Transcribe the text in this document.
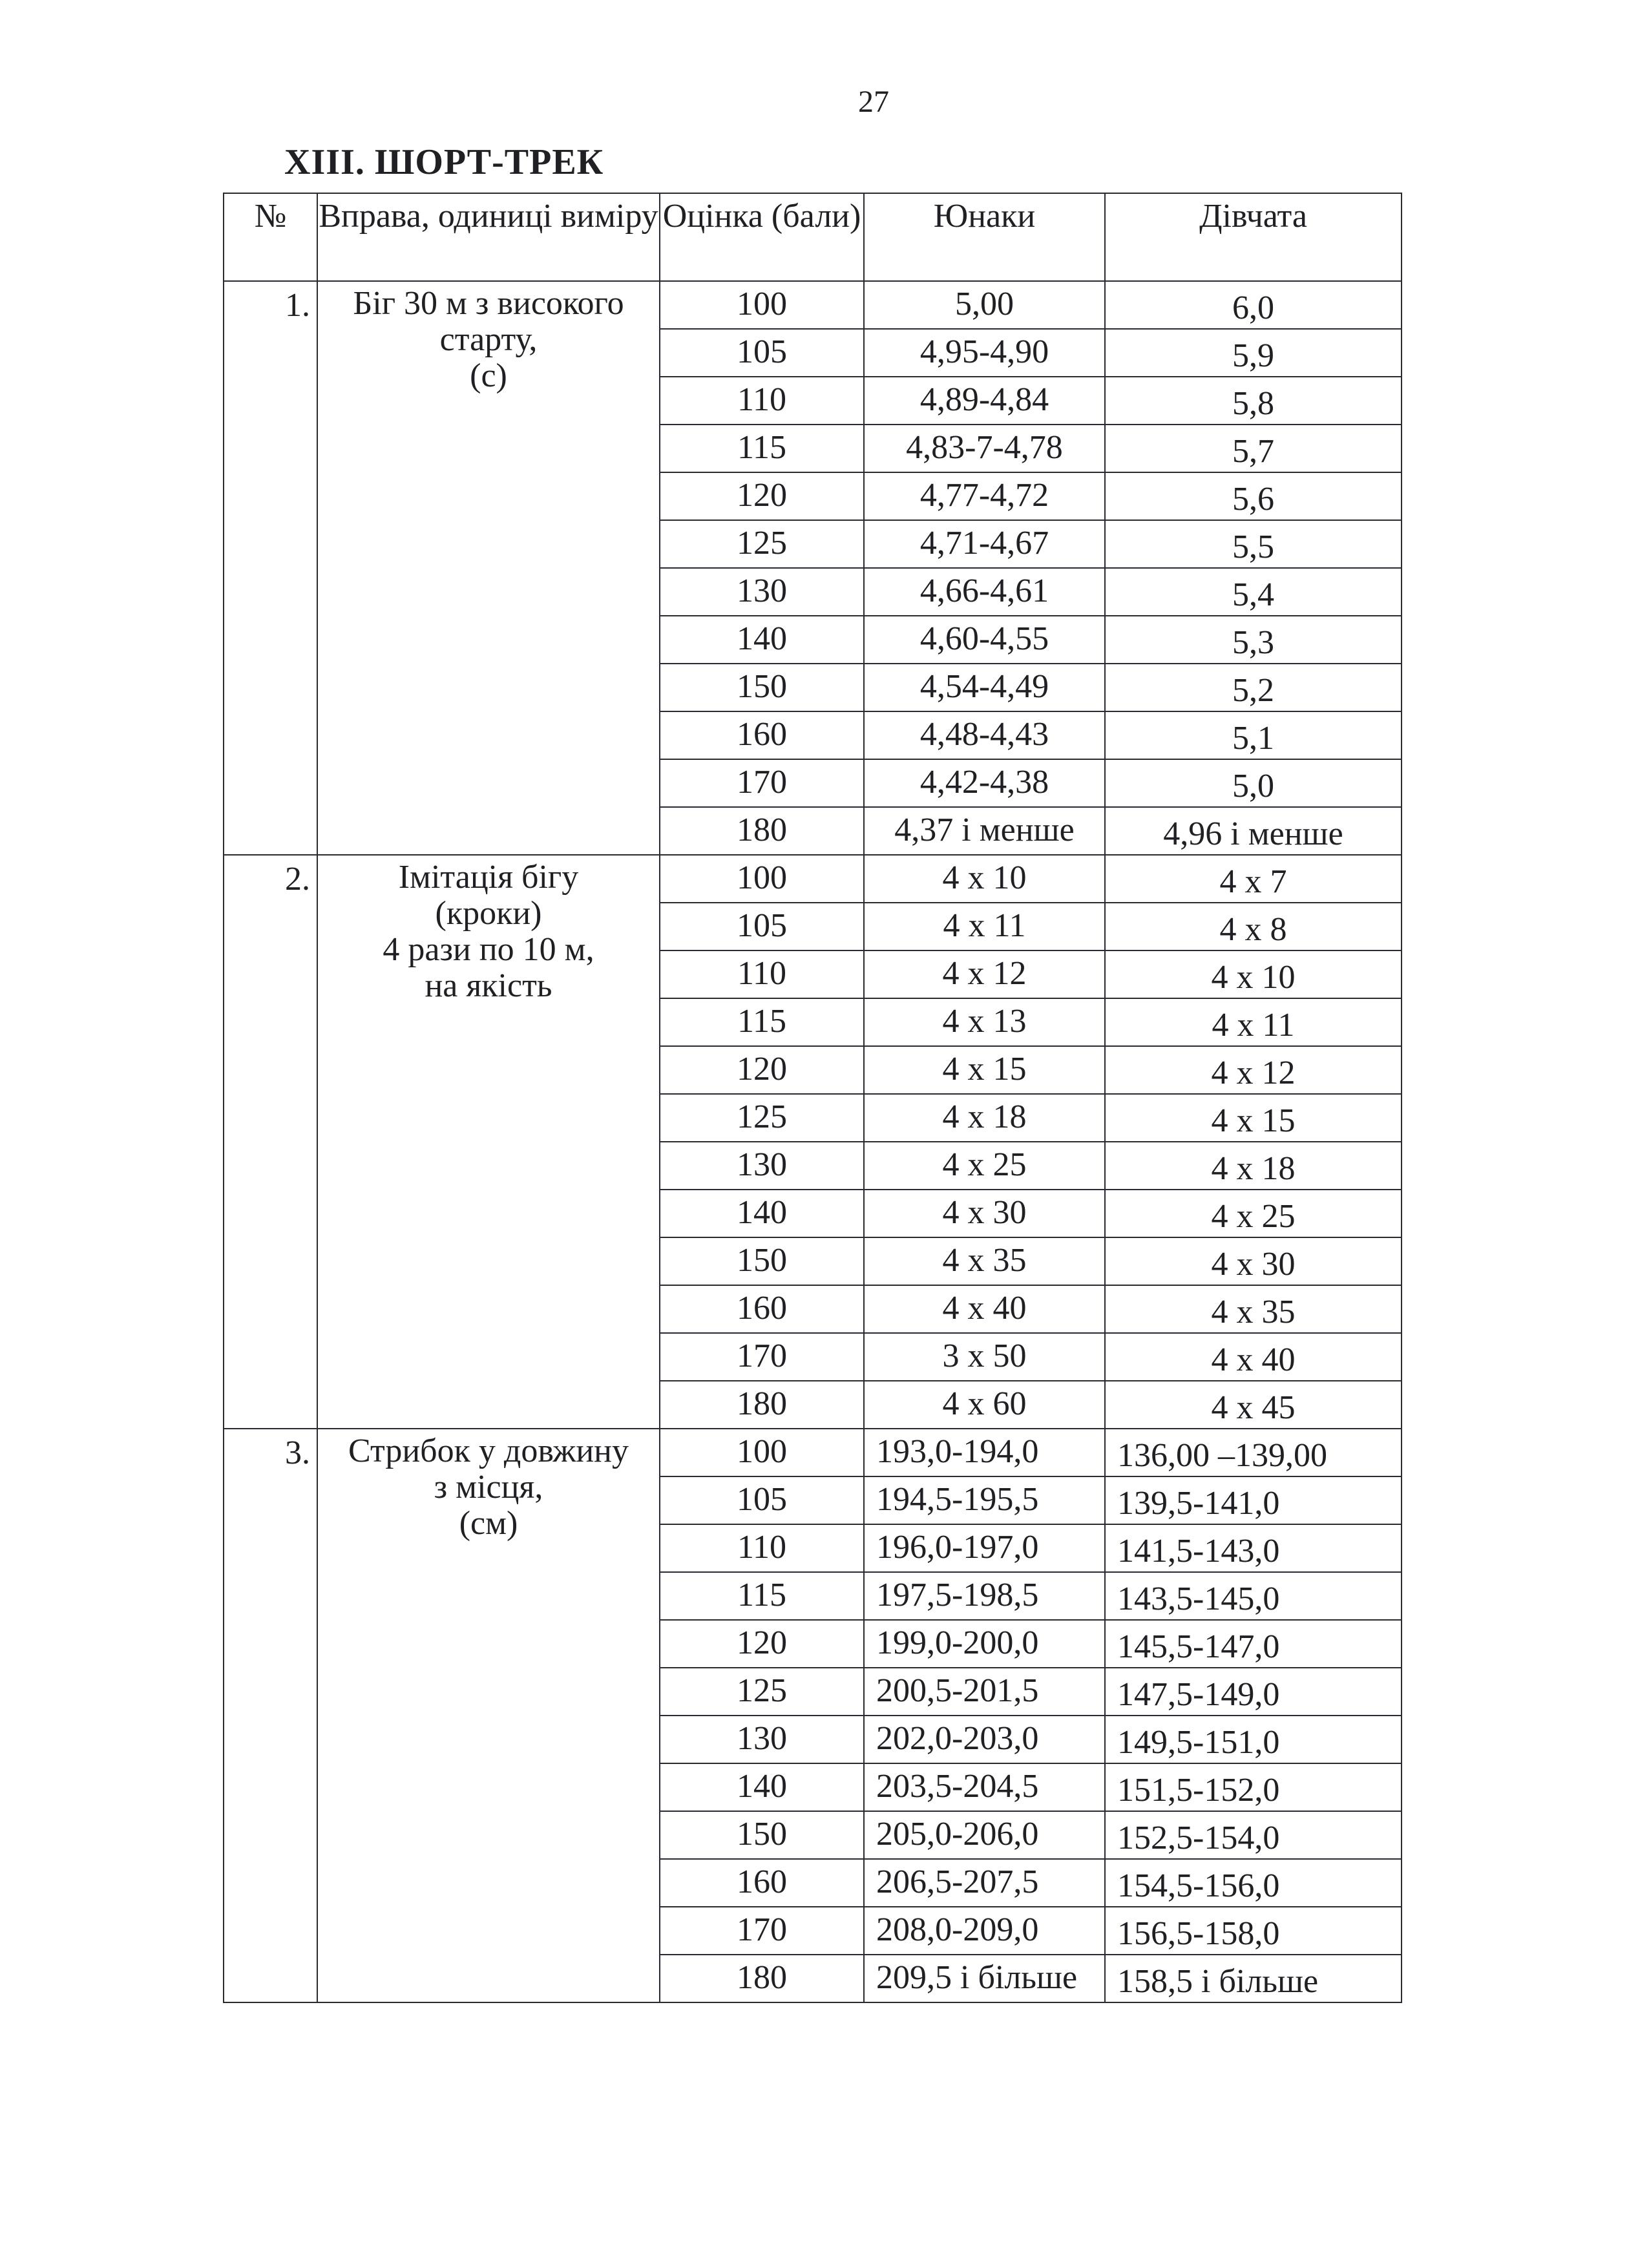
27
XIII. ШОРТ-ТРЕК
№	Вправа, одиниці виміру	Оцінка (бали)	Юнаки	Дівчата
1.	Біг 30 м з високого
старту,
(с)	100	5,00	6,0
		105	4,95-4,90	5,9
		110	4,89-4,84	5,8
		115	4,83-7-4,78	5,7
		120	4,77-4,72	5,6
		125	4,71-4,67	5,5
		130	4,66-4,61	5,4
		140	4,60-4,55	5,3
		150	4,54-4,49	5,2
		160	4,48-4,43	5,1
		170	4,42-4,38	5,0
		180	4,37 і менше	4,96 і менше
2.	Імітація бігу
(кроки)
4 рази по 10 м,
на якість	100	4 х 10	4 х 7
		105	4 х 11	4 х 8
		110	4 х 12	4 х 10
		115	4 х 13	4 х 11
		120	4 х 15	4 х 12
		125	4 х 18	4 х 15
		130	4 х 25	4 х 18
		140	4 х 30	4 х 25
		150	4 х 35	4 х 30
		160	4 х 40	4 х 35
		170	3 х 50	4 х 40
		180	4 х 60	4 х 45
3.	Стрибок у довжину
з місця,
(см)	100	193,0-194,0	136,00 –139,00
		105	194,5-195,5	139,5-141,0
		110	196,0-197,0	141,5-143,0
		115	197,5-198,5	143,5-145,0
		120	199,0-200,0	145,5-147,0
		125	200,5-201,5	147,5-149,0
		130	202,0-203,0	149,5-151,0
		140	203,5-204,5	151,5-152,0
		150	205,0-206,0	152,5-154,0
		160	206,5-207,5	154,5-156,0
		170	208,0-209,0	156,5-158,0
		180	209,5 і більше	158,5 і більше
